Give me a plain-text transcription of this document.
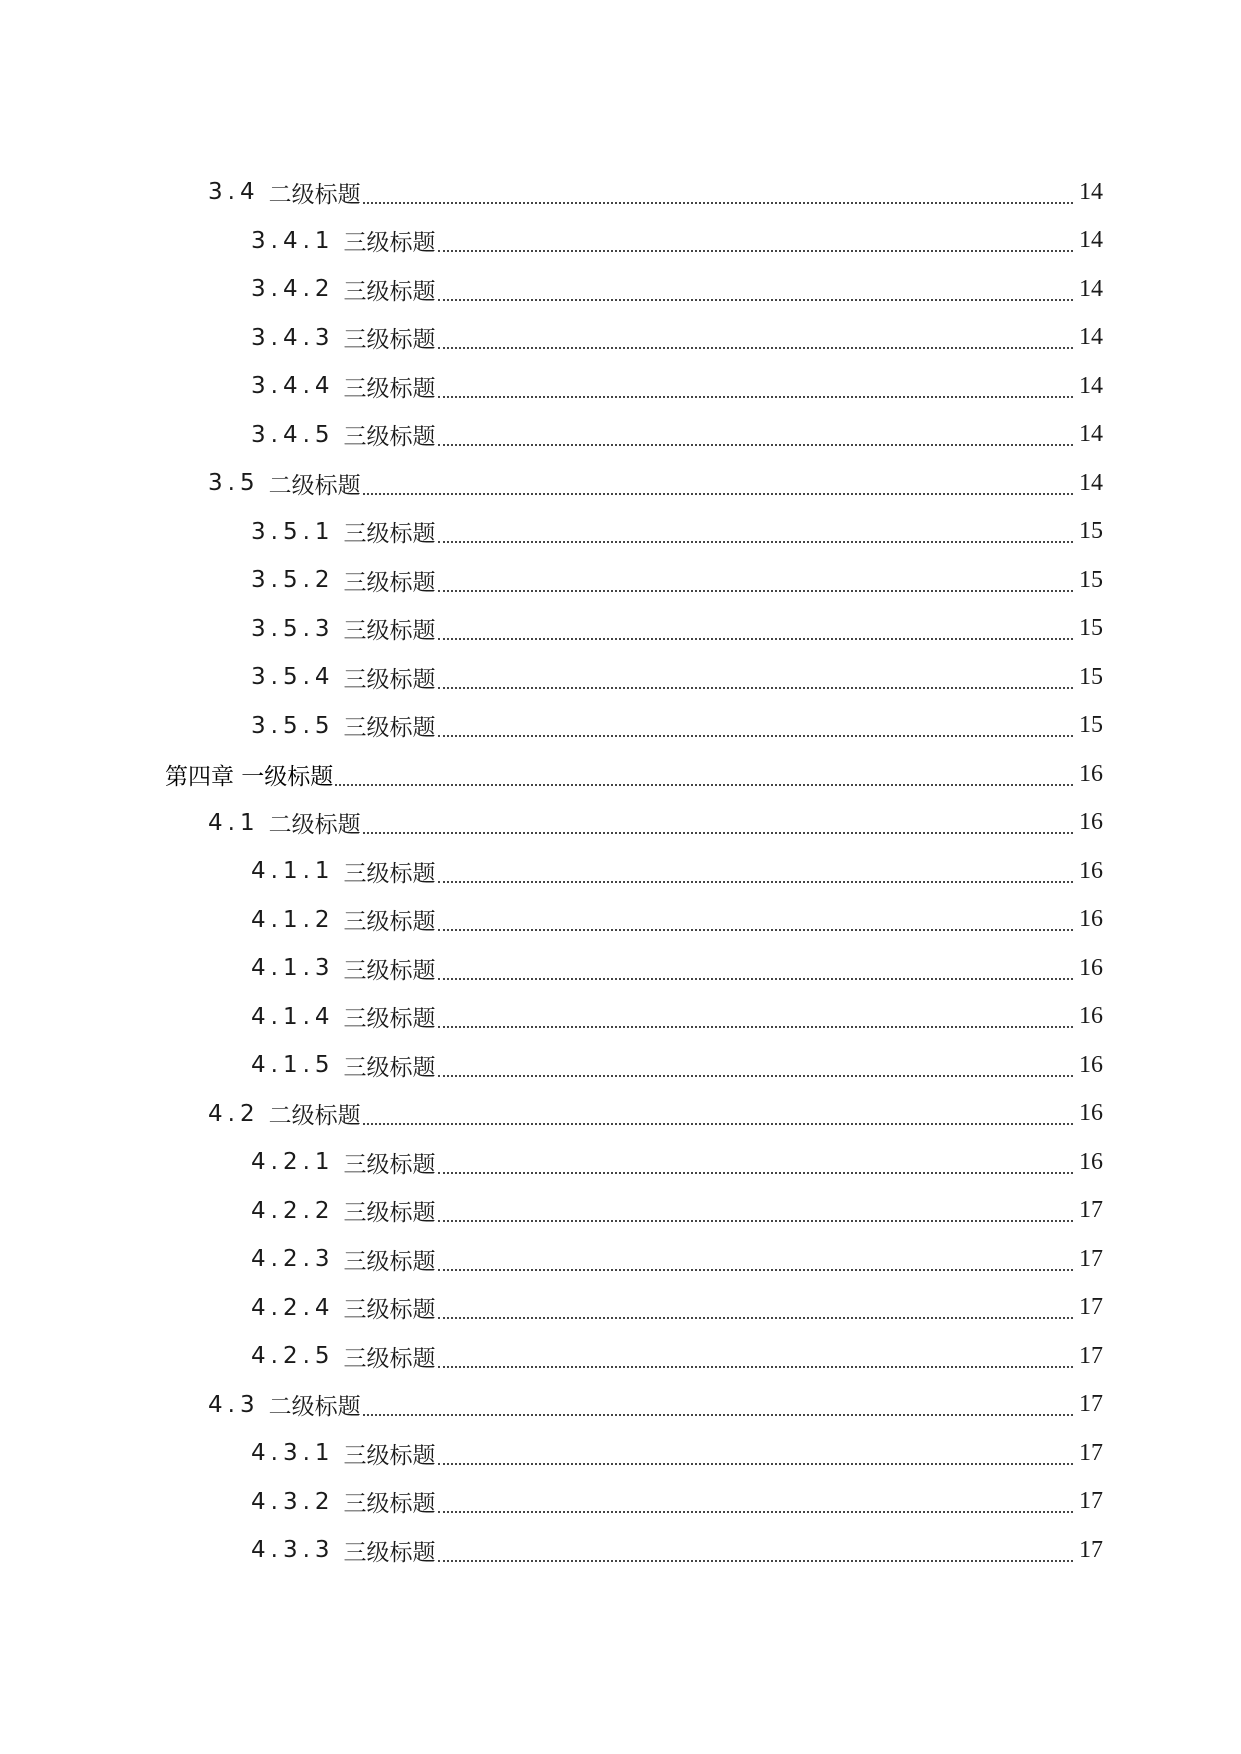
3.4 二级标题	14
3.4.1 三级标题	14
3.4.2 三级标题	14
3.4.3 三级标题	14
3.4.4 三级标题	14
3.4.5 三级标题	14
3.5 二级标题	14
3.5.1 三级标题	15
3.5.2 三级标题	15
3.5.3 三级标题	15
3.5.4 三级标题	15
3.5.5 三级标题	15
第四章 一级标题	16
4.1 二级标题	16
4.1.1 三级标题	16
4.1.2 三级标题	16
4.1.3 三级标题	16
4.1.4 三级标题	16
4.1.5 三级标题	16
4.2 二级标题	16
4.2.1 三级标题	16
4.2.2 三级标题	17
4.2.3 三级标题	17
4.2.4 三级标题	17
4.2.5 三级标题	17
4.3 二级标题	17
4.3.1 三级标题	17
4.3.2 三级标题	17
4.3.3 三级标题	17
